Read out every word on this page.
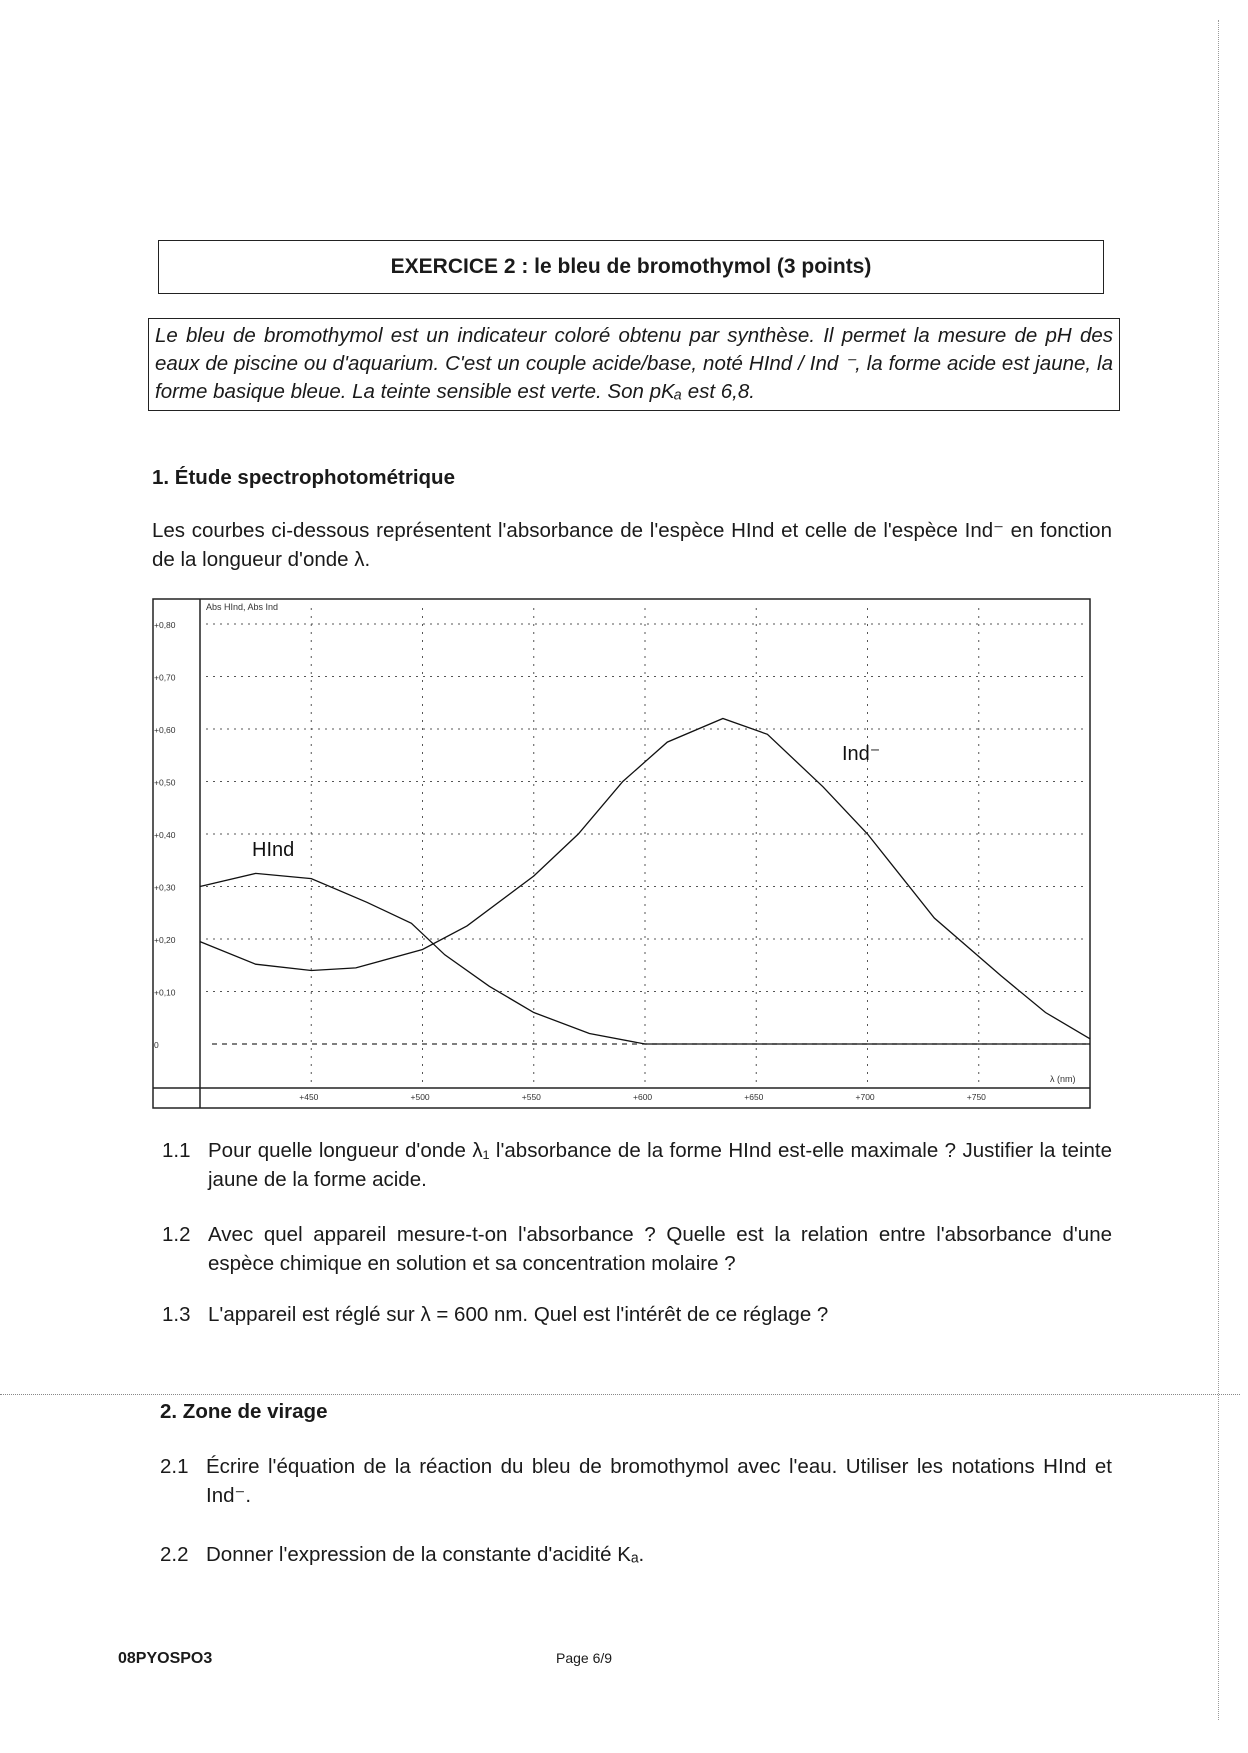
EXERCICE 2 : le bleu de bromothymol (3 points)
Le bleu de bromothymol est un indicateur coloré obtenu par synthèse. Il permet la mesure de pH des eaux de piscine ou d'aquarium. C'est un couple acide/base, noté HInd / Ind ⁻, la forme acide est jaune, la forme basique bleue. La teinte sensible est verte. Son pKₐ est 6,8.
1. Étude spectrophotométrique
Les courbes ci-dessous représentent l'absorbance de l'espèce HInd et celle de l'espèce Ind⁻ en fonction de la longueur d'onde λ.
0
+0,10
+0,20
+0,30
+0,40
+0,50
+0,60
+0,70
+0,80
+450	+500	+550	+600	+650	+700	+750
Abs HInd, Abs Ind
λ (nm)
HInd
Ind⁻
1.1 Pour quelle longueur d'onde λ₁ l'absorbance de la forme HInd est-elle maximale ? Justifier la teinte jaune de la forme acide.
1.2 Avec quel appareil mesure-t-on l'absorbance ? Quelle est la relation entre l'absorbance d'une espèce chimique en solution et sa concentration molaire ?
1.3 L'appareil est réglé sur λ = 600 nm. Quel est l'intérêt de ce réglage ?
2. Zone de virage
2.1 Écrire l'équation de la réaction du bleu de bromothymol avec l'eau. Utiliser les notations HInd et Ind⁻.
2.2 Donner l'expression de la constante d'acidité Kₐ.
08PYOSPO3	Page 6/9
